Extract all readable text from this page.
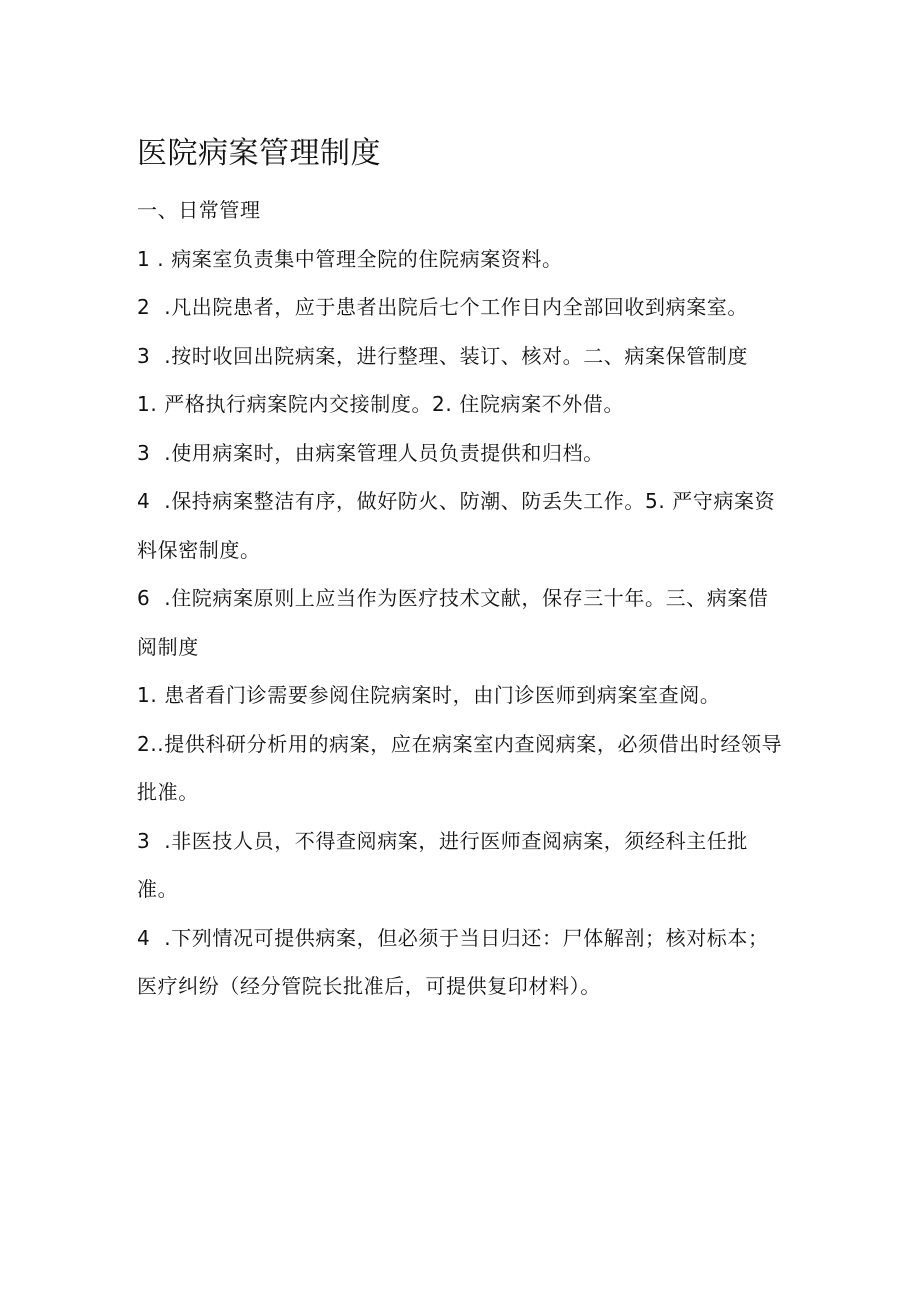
医院病案管理制度

一、日常管理

1 . 病案室负责集中管理全院的住院病案资料。

2  .凡出院患者，应于患者出院后七个工作日内全部回收到病案室。

3  .按时收回出院病案，进行整理、装订、核对。二、病案保管制度

1. 严格执行病案院内交接制度。2. 住院病案不外借。

3  .使用病案时，由病案管理人员负责提供和归档。

4  .保持病案整洁有序，做好防火、防潮、防丢失工作。5. 严守病案资料保密制度。

6  .住院病案原则上应当作为医疗技术文献，保存三十年。三、病案借阅制度

1. 患者看门诊需要参阅住院病案时，由门诊医师到病案室查阅。

2..提供科研分析用的病案，应在病案室内查阅病案，必须借出时经领导批准。

3  .非医技人员，不得查阅病案，进行医师查阅病案，须经科主任批准。

4  .下列情况可提供病案，但必须于当日归还：尸体解剖；核对标本；医疗纠纷（经分管院长批准后，可提供复印材料）。
